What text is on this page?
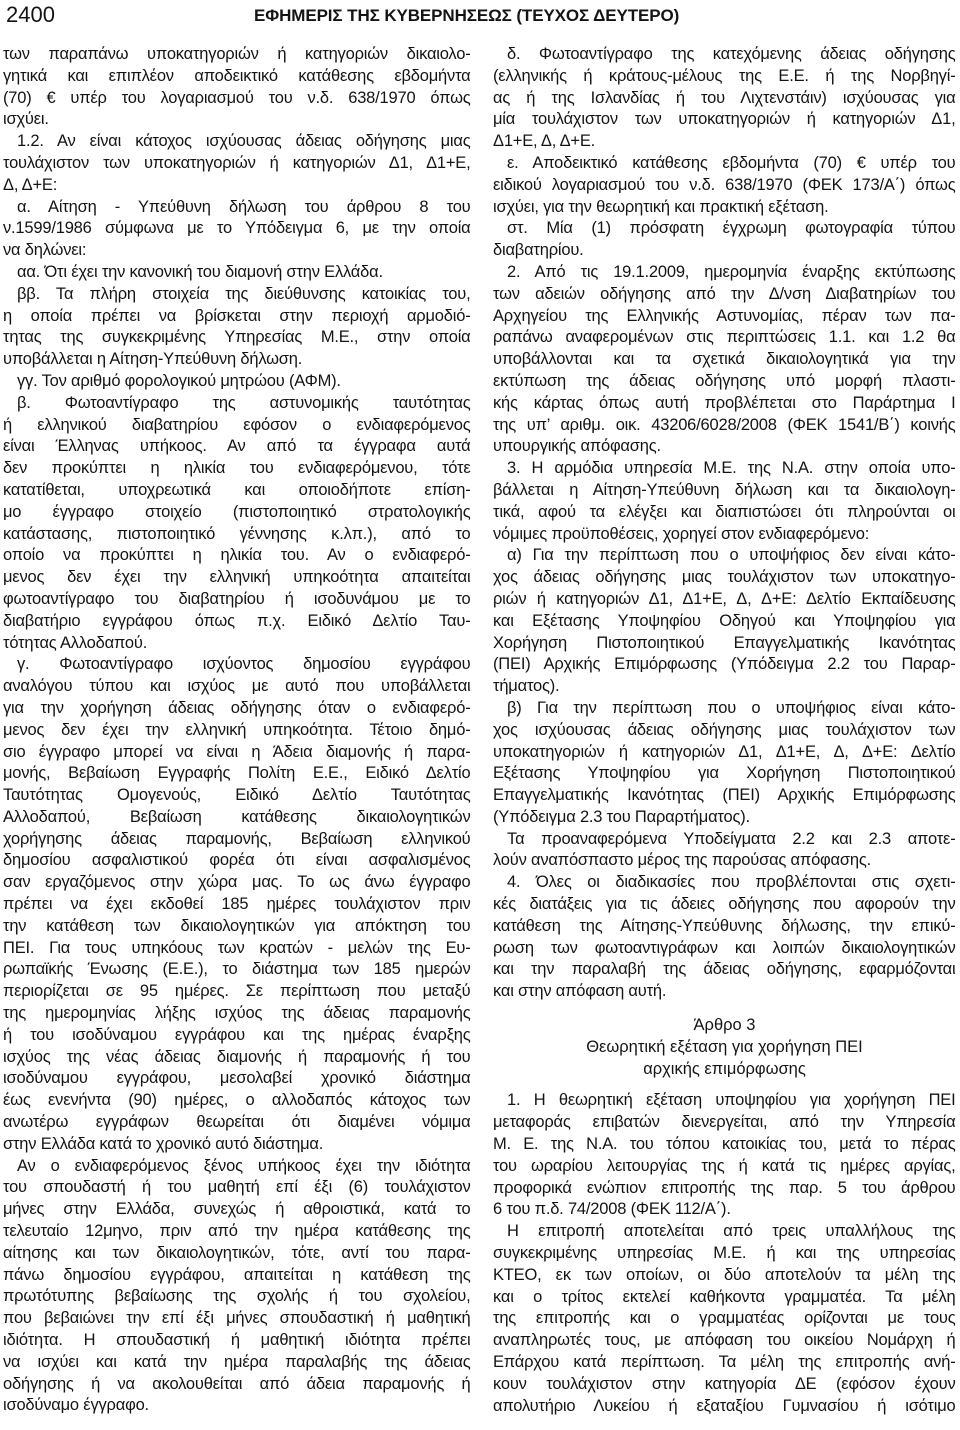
2400	ΕΦΗΜΕΡΙΣ ΤΗΣ ΚΥΒΕΡΝΗΣΕΩΣ (ΤΕΥΧΟΣ ΔΕΥΤΕΡΟ)
των παραπάνω υποκατηγοριών ή κατηγοριών δικαιολο-
γητικά και επιπλέον αποδεικτικό κατάθεσης εβδομήντα
(70) € υπέρ του λογαριασμού του ν.δ. 638/1970 όπως
ισχύει.
1.2. Αν είναι κάτοχος ισχύουσας άδειας οδήγησης μιας
τουλάχιστον των υποκατηγοριών ή κατηγοριών Δ1, Δ1+Ε,
Δ, Δ+Ε:
α. Αίτηση - Υπεύθυνη δήλωση του άρθρου 8 του
ν.1599/1986 σύμφωνα με το Υπόδειγμα 6, με την οποία
να δηλώνει:
αα. Ότι έχει την κανονική του διαμονή στην Ελλάδα.
ββ. Τα πλήρη στοιχεία της διεύθυνσης κατοικίας του,
η οποία πρέπει να βρίσκεται στην περιοχή αρμοδιό-
τητας της συγκεκριμένης Υπηρεσίας Μ.Ε., στην οποία
υποβάλλεται η Αίτηση-Υπεύθυνη δήλωση.
γγ. Τον αριθμό φορολογικού μητρώου (ΑΦΜ).
β. Φωτοαντίγραφο της αστυνομικής ταυτότητας
ή ελληνικού διαβατηρίου εφόσον ο ενδιαφερόμενος
είναι Έλληνας υπήκοος. Αν από τα έγγραφα αυτά
δεν προκύπτει η ηλικία του ενδιαφερόμενου, τότε
κατατίθεται, υποχρεωτικά και οποιοδήποτε επίση-
μο έγγραφο στοιχείο (πιστοποιητικό στρατολογικής
κατάστασης, πιστοποιητικό γέννησης κ.λπ.), από το
οποίο να προκύπτει η ηλικία του. Αν ο ενδιαφερό-
μενος δεν έχει την ελληνική υπηκοότητα απαιτείται
φωτοαντίγραφο του διαβατηρίου ή ισοδυνάμου με το
διαβατήριο εγγράφου όπως π.χ. Ειδικό Δελτίο Ταυ-
τότητας Αλλοδαπού.
γ. Φωτοαντίγραφο ισχύοντος δημοσίου εγγράφου
αναλόγου τύπου και ισχύος με αυτό που υποβάλλεται
για την χορήγηση άδειας οδήγησης όταν ο ενδιαφερό-
μενος δεν έχει την ελληνική υπηκοότητα. Τέτοιο δημό-
σιο έγγραφο μπορεί να είναι η Άδεια διαμονής ή παρα-
μονής, Βεβαίωση Εγγραφής Πολίτη Ε.Ε., Ειδικό Δελτίο
Ταυτότητας Ομογενούς, Ειδικό Δελτίο Ταυτότητας
Αλλοδαπού, Βεβαίωση κατάθεσης δικαιολογητικών
χορήγησης άδειας παραμονής, Βεβαίωση ελληνικού
δημοσίου ασφαλιστικού φορέα ότι είναι ασφαλισμένος
σαν εργαζόμενος στην χώρα μας. Το ως άνω έγγραφο
πρέπει να έχει εκδοθεί 185 ημέρες τουλάχιστον πριν
την κατάθεση των δικαιολογητικών για απόκτηση του
ΠΕΙ. Για τους υπηκόους των κρατών - μελών της Ευ-
ρωπαϊκής Ένωσης (Ε.Ε.), το διάστημα των 185 ημερών
περιορίζεται σε 95 ημέρες. Σε περίπτωση που μεταξύ
της ημερομηνίας λήξης ισχύος της άδειας παραμονής
ή του ισοδύναμου εγγράφου και της ημέρας έναρξης
ισχύος της νέας άδειας διαμονής ή παραμονής ή του
ισοδύναμου εγγράφου, μεσολαβεί χρονικό διάστημα
έως ενενήντα (90) ημέρες, ο αλλοδαπός κάτοχος των
ανωτέρω εγγράφων θεωρείται ότι διαμένει νόμιμα
στην Ελλάδα κατά το χρονικό αυτό διάστημα.
Αν ο ενδιαφερόμενος ξένος υπήκοος έχει την ιδιότητα
του σπουδαστή ή του μαθητή επί έξι (6) τουλάχιστον
μήνες στην Ελλάδα, συνεχώς ή αθροιστικά, κατά το
τελευταίο 12μηνο, πριν από την ημέρα κατάθεσης της
αίτησης και των δικαιολογητικών, τότε, αντί του παρα-
πάνω δημοσίου εγγράφου, απαιτείται η κατάθεση της
πρωτότυπης βεβαίωσης της σχολής ή του σχολείου,
που βεβαιώνει την επί έξι μήνες σπουδαστική ή μαθητική
ιδιότητα. Η σπουδαστική ή μαθητική ιδιότητα πρέπει
να ισχύει και κατά την ημέρα παραλαβής της άδειας
οδήγησης ή να ακολουθείται από άδεια παραμονής ή
ισοδύναμο έγγραφο.
δ. Φωτοαντίγραφο της κατεχόμενης άδειας οδήγησης
(ελληνικής ή κράτους-μέλους της Ε.Ε. ή της Νορβηγί-
ας ή της Ισλανδίας ή του Λιχτενστάιν) ισχύουσας για
μία τουλάχιστον των υποκατηγοριών ή κατηγοριών Δ1,
Δ1+Ε, Δ, Δ+Ε.
ε. Αποδεικτικό κατάθεσης εβδομήντα (70) € υπέρ του
ειδικού λογαριασμού του ν.δ. 638/1970 (ΦΕΚ 173/Α΄) όπως
ισχύει, για την θεωρητική και πρακτική εξέταση.
στ. Μία (1) πρόσφατη έγχρωμη φωτογραφία τύπου
διαβατηρίου.
2. Από τις 19.1.2009, ημερομηνία έναρξης εκτύπωσης
των αδειών οδήγησης από την Δ/νση Διαβατηρίων του
Αρχηγείου της Ελληνικής Αστυνομίας, πέραν των πα-
ραπάνω αναφερομένων στις περιπτώσεις 1.1. και 1.2 θα
υποβάλλονται και τα σχετικά δικαιολογητικά για την
εκτύπωση της άδειας οδήγησης υπό μορφή πλαστι-
κής κάρτας όπως αυτή προβλέπεται στο Παράρτημα Ι
της υπ’ αριθμ. οικ. 43206/6028/2008 (ΦΕΚ 1541/Β΄) κοινής
υπουργικής απόφασης.
3. Η αρμόδια υπηρεσία Μ.Ε. της Ν.Α. στην οποία υπο-
βάλλεται η Αίτηση-Υπεύθυνη δήλωση και τα δικαιολογη-
τικά, αφού τα ελέγξει και διαπιστώσει ότι πληρούνται οι
νόμιμες προϋποθέσεις, χορηγεί στον ενδιαφερόμενο:
α) Για την περίπτωση που ο υποψήφιος δεν είναι κάτο-
χος άδειας οδήγησης μιας τουλάχιστον των υποκατηγο-
ριών ή κατηγοριών Δ1, Δ1+Ε, Δ, Δ+Ε: Δελτίο Εκπαίδευσης
και Εξέτασης Υποψηφίου Οδηγού και Υποψηφίου για
Χορήγηση Πιστοποιητικού Επαγγελματικής Ικανότητας
(ΠΕΙ) Αρχικής Επιμόρφωσης (Υπόδειγμα 2.2 του Παραρ-
τήματος).
β) Για την περίπτωση που ο υποψήφιος είναι κάτο-
χος ισχύουσας άδειας οδήγησης μιας τουλάχιστον των
υποκατηγοριών ή κατηγοριών Δ1, Δ1+Ε, Δ, Δ+Ε: Δελτίο
Εξέτασης Υποψηφίου για Χορήγηση Πιστοποιητικού
Επαγγελματικής Ικανότητας (ΠΕΙ) Αρχικής Επιμόρφωσης
(Υπόδειγμα 2.3 του Παραρτήματος).
Τα προαναφερόμενα Υποδείγματα 2.2 και 2.3 αποτε-
λούν αναπόσπαστο μέρος της παρούσας απόφασης.
4. Όλες οι διαδικασίες που προβλέπονται στις σχετι-
κές διατάξεις για τις άδειες οδήγησης που αφορούν την
κατάθεση της Αίτησης-Υπεύθυνης δήλωσης, την επικύ-
ρωση των φωτοαντιγράφων και λοιπών δικαιολογητικών
και την παραλαβή της άδειας οδήγησης, εφαρμόζονται
και στην απόφαση αυτή.
Άρθρο 3
Θεωρητική εξέταση για χορήγηση ΠΕΙ
αρχικής επιμόρφωσης
1. Η θεωρητική εξέταση υποψηφίου για χορήγηση ΠΕΙ
μεταφοράς επιβατών διενεργείται, από την Υπηρεσία
Μ. Ε. της Ν.Α. του τόπου κατοικίας του, μετά το πέρας
του ωραρίου λειτουργίας της ή κατά τις ημέρες αργίας,
προφορικά ενώπιον επιτροπής της παρ. 5 του άρθρου
6 του π.δ. 74/2008 (ΦΕΚ 112/Α΄).
Η επιτροπή αποτελείται από τρεις υπαλλήλους της
συγκεκριμένης υπηρεσίας Μ.Ε. ή και της υπηρεσίας
ΚΤΕΟ, εκ των οποίων, οι δύο αποτελούν τα μέλη της
και ο τρίτος εκτελεί καθήκοντα γραμματέα. Τα μέλη
της επιτροπής και ο γραμματέας ορίζονται με τους
αναπληρωτές τους, με απόφαση του οικείου Νομάρχη ή
Επάρχου κατά περίπτωση. Τα μέλη της επιτροπής ανή-
κουν τουλάχιστον στην κατηγορία ΔΕ (εφόσον έχουν
απολυτήριο Λυκείου ή εξαταξίου Γυμνασίου ή ισότιμο
